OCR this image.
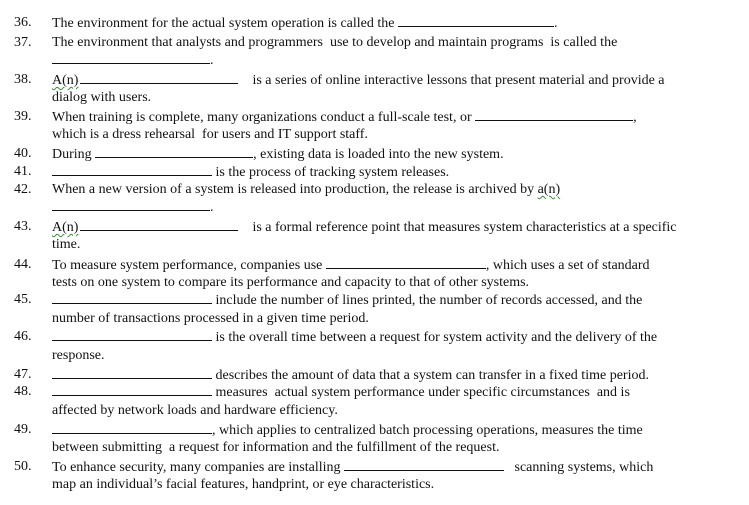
36.	The environment for the actual system operation is called the	.
37.	The environment that analysts and programmers  use to develop and maintain programs  is called the
.
38.	A(n)	is a series of online interactive lessons that present material and provide a
dialog with users.
39.	When training is complete, many organizations conduct a full-scale test, or	,
which is a dress rehearsal  for users and IT support staff.
40.	During	, existing data is loaded into the new system.
41.	is the process of tracking system releases.
42.	When a new version of a system is released into production, the release is archived by a(n)
.
43.	A(n)	is a formal reference point that measures system characteristics at a specific
time.
44.	To measure system performance, companies use	, which uses a set of standard
tests on one system to compare its performance and capacity to that of other systems.
45.	include the number of lines printed, the number of records accessed, and the
number of transactions processed in a given time period.
46.	is the overall time between a request for system activity and the delivery of the
response.
47.	describes the amount of data that a system can transfer in a fixed time period.
48.	measures  actual system performance under specific circumstances  and is
affected by network loads and hardware efficiency.
49.	, which applies to centralized batch processing operations, measures the time
between submitting  a request for information and the fulfillment of the request.
50.	To enhance security, many companies are installing	scanning systems, which
map an individual’s facial features, handprint, or eye characteristics.
